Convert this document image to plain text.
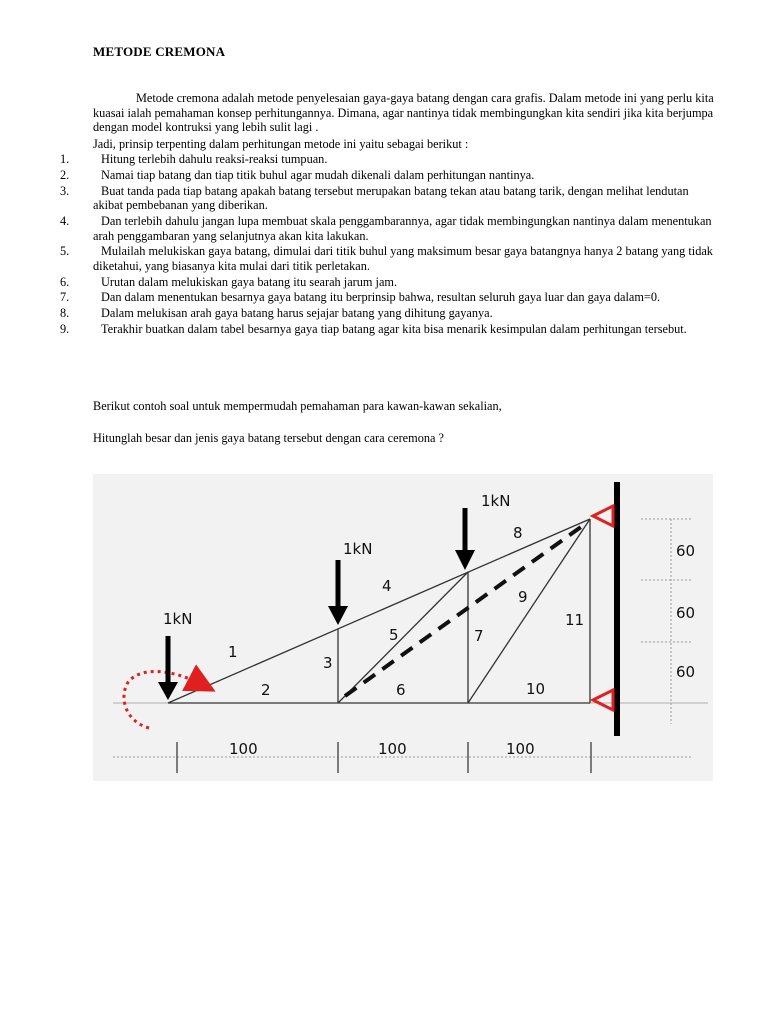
METODE CREMONA
Metode cremona adalah metode penyelesaian gaya-gaya batang dengan cara grafis. Dalam metode ini yang perlu kita kuasai ialah pemahaman konsep perhitungannya. Dimana, agar nantinya tidak membingungkan kita sendiri jika kita berjumpa dengan model kontruksi yang lebih sulit lagi .
Jadi, prinsip terpenting dalam perhitungan metode ini yaitu sebagai berikut :
1.	Hitung terlebih dahulu reaksi-reaksi tumpuan.
2.	Namai tiap batang dan tiap titik buhul agar mudah dikenali dalam perhitungan nantinya.
3.	Buat tanda pada tiap batang apakah batang tersebut merupakan batang tekan atau batang tarik, dengan melihat lendutan akibat pembebanan yang diberikan.
4.	Dan terlebih dahulu jangan lupa membuat skala penggambarannya, agar tidak membingungkan nantinya dalam menentukan arah penggambaran yang selanjutnya akan kita lakukan.
5.	Mulailah melukiskan gaya batang, dimulai dari titik buhul yang maksimum besar gaya batangnya hanya 2 batang yang tidak diketahui, yang biasanya kita mulai dari titik perletakan.
6.	Urutan dalam melukiskan gaya batang itu searah jarum jam.
7.	Dan dalam menentukan besarnya gaya batang itu berprinsip bahwa, resultan seluruh gaya luar dan gaya dalam=0.
8.	Dalam melukisan arah gaya batang harus sejajar batang yang dihitung gayanya.
9.	Terakhir buatkan dalam tabel besarnya gaya tiap batang agar kita bisa menarik kesimpulan dalam perhitungan tersebut.
Berikut contoh soal untuk mempermudah pemahaman para kawan-kawan sekalian,
Hitunglah besar dan jenis gaya batang tersebut dengan cara ceremona ?
1kN
1kN
1kN
1
2
3
4
5
6
7
8
9
10
11
100	100	100
60
60
60
